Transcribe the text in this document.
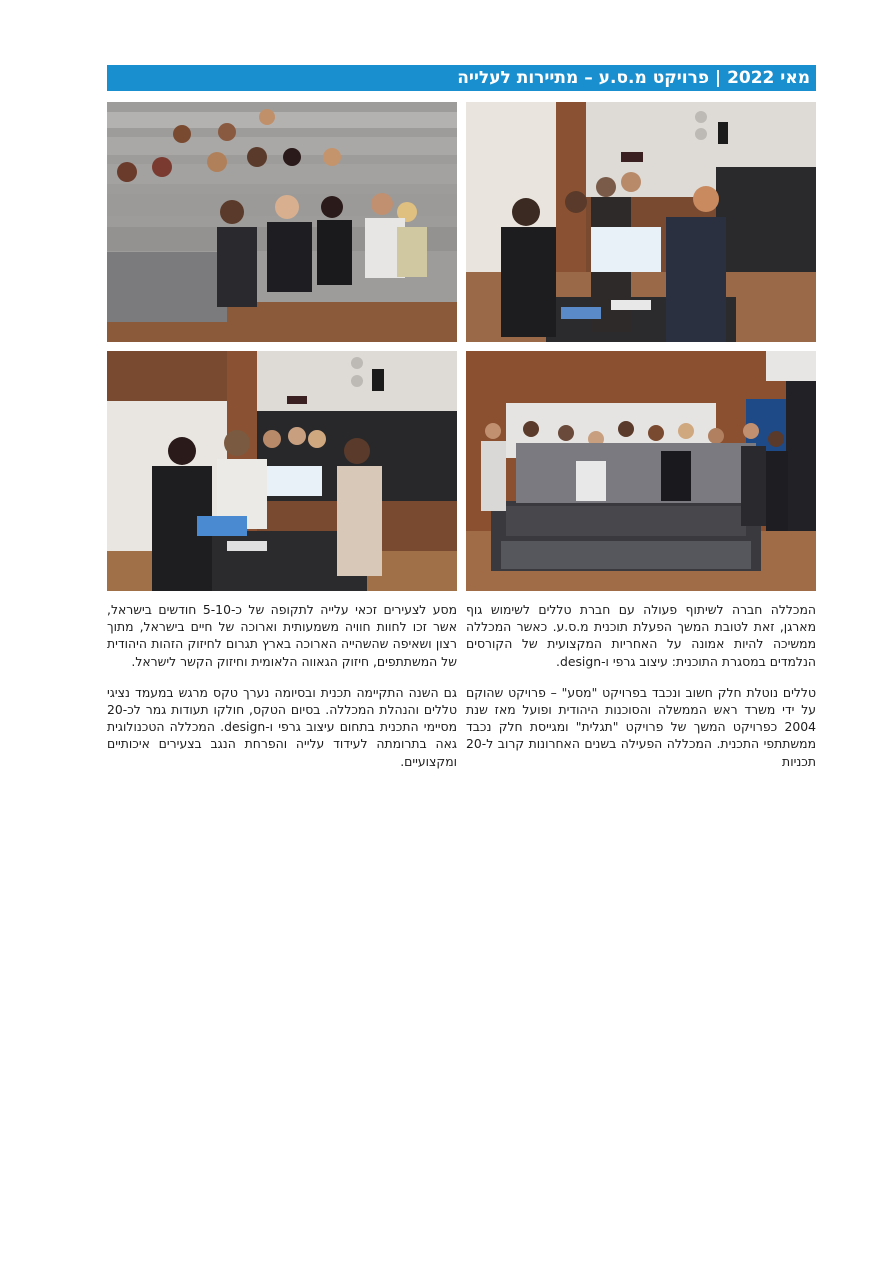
מאי 2022 | פרויקט מ.ס.ע – מתיירות לעלייה

המכללה חברה לשיתוף פעולה עם חברת טללים לשימוש גוף מארגן, זאת לטובת המשך הפעלת תוכנית מ.ס.ע. כאשר המכללה ממשיכה להיות אמונה על האחריות המקצועית של הקורסים הנלמדים במסגרת התוכנית: עיצוב גרפי ו-design.

טללים נוטלת חלק חשוב ונכבד בפרויקט "מסע" – פרויקט שהוקם על ידי משרד ראש הממשלה והסוכנות היהודית ופועל מאז שנת 2004 כפרויקט המשך של פרויקט "תגלית" ומגייסת חלק נכבד ממשתתפי התכנית. המכללה הפעילה בשנים האחרונות קרוב ל-20 תכניות

מסע לצעירים זכאי עלייה לתקופה של כ-5-10 חודשים בישראל, אשר זכו לחוות חוויה משמעותית וארוכה של חיים בישראל, מתוך רצון ושאיפה שהשהייה הארוכה בארץ תגרום לחיזוק הזהות היהודית של המשתתפים, חיזוק הגאווה הלאומית וחיזוק הקשר לישראל.

גם השנה התקיימה תכנית ובסיומה נערך טקס מרגש במעמד נציגי טללים והנהלת המכללה. בסיום הטקס, חולקו תעודות גמר לכ-20 מסיימי התכנית בתחום עיצוב גרפי ו-design. המכללה הטכנולוגית גאה בתרומתה לעידוד עלייה והפרחת הנגב בצעירים איכותיים ומקצועיים.
